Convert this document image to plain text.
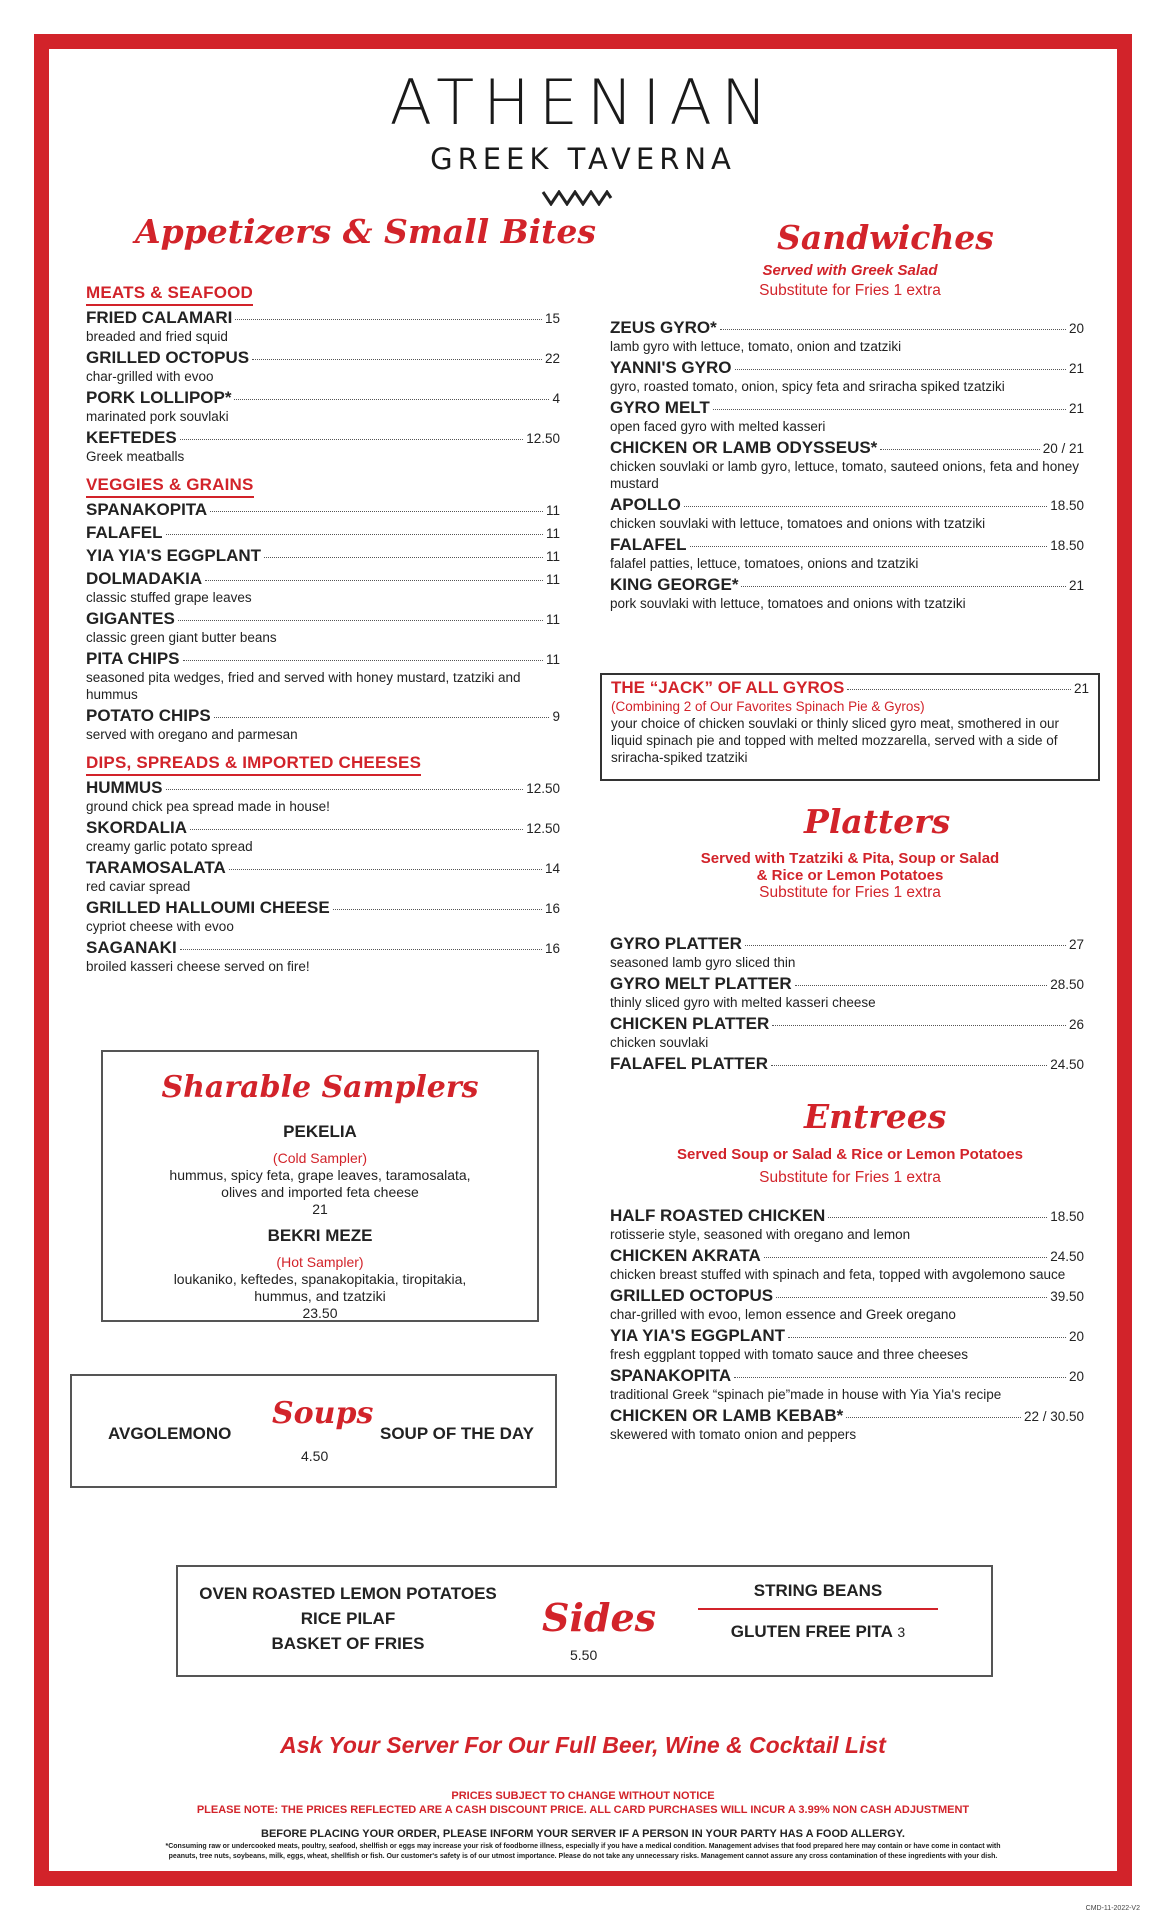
ATHENIAN
GREEK TAVERNA
Appetizers & Small Bites
MEATS & SEAFOOD
FRIED CALAMARI	15
breaded and fried squid
GRILLED OCTOPUS	22
char-grilled with evoo
PORK LOLLIPOP*	4
marinated pork souvlaki
KEFTEDES	12.50
Greek meatballs
VEGGIES & GRAINS
SPANAKOPITA	11
FALAFEL	11
YIA YIA'S EGGPLANT	11
DOLMADAKIA	11
classic stuffed grape leaves
GIGANTES	11
classic green giant butter beans
PITA CHIPS	11
seasoned pita wedges, fried and served with honey mustard, tzatziki and hummus
POTATO CHIPS	9
served with oregano and parmesan
DIPS, SPREADS & IMPORTED CHEESES
HUMMUS	12.50
ground chick pea spread made in house!
SKORDALIA	12.50
creamy garlic potato spread
TARAMOSALATA	14
red caviar spread
GRILLED HALLOUMI CHEESE	16
cypriot cheese with evoo
SAGANAKI	16
broiled kasseri cheese served on fire!
Sharable Samplers
PEKELIA
(Cold Sampler)
hummus, spicy feta, grape leaves, taramosalata, olives and imported feta cheese
21
BEKRI MEZE
(Hot Sampler)
loukaniko, keftedes, spanakopitakia, tiropitakia, hummus, and tzatziki
23.50
AVGOLEMONO
Soups
4.50
SOUP OF THE DAY
Sandwiches
Served with Greek Salad
Substitute for Fries 1 extra
ZEUS GYRO*	20
lamb gyro with lettuce, tomato, onion and tzatziki
YANNI'S GYRO	21
gyro, roasted tomato, onion, spicy feta and sriracha spiked tzatziki
GYRO MELT	21
open faced gyro with melted kasseri
CHICKEN OR LAMB ODYSSEUS*	20 / 21
chicken souvlaki or lamb gyro, lettuce, tomato, sauteed onions, feta and honey mustard
APOLLO	18.50
chicken souvlaki with lettuce, tomatoes and onions with tzatziki
FALAFEL	18.50
falafel patties, lettuce, tomatoes, onions and tzatziki
KING GEORGE*	21
pork souvlaki with lettuce, tomatoes and onions with tzatziki
THE “JACK” OF ALL GYROS	21
(Combining 2 of Our Favorites Spinach Pie & Gyros)
your choice of chicken souvlaki or thinly sliced gyro meat, smothered in our liquid spinach pie and topped with melted mozzarella, served with a side of sriracha-spiked tzatziki
Platters
Served with Tzatziki & Pita, Soup or Salad
& Rice or Lemon Potatoes
Substitute for Fries 1 extra
GYRO PLATTER	27
seasoned lamb gyro sliced thin
GYRO MELT PLATTER	28.50
thinly sliced gyro with melted kasseri cheese
CHICKEN PLATTER	26
chicken souvlaki
FALAFEL PLATTER	24.50
Entrees
Served Soup or Salad & Rice or Lemon Potatoes
Substitute for Fries 1 extra
HALF ROASTED CHICKEN	18.50
rotisserie style, seasoned with oregano and lemon
CHICKEN AKRATA	24.50
chicken breast stuffed with spinach and feta, topped with avgolemono sauce
GRILLED OCTOPUS	39.50
char-grilled with evoo, lemon essence and Greek oregano
YIA YIA'S EGGPLANT	20
fresh eggplant topped with tomato sauce and three cheeses
SPANAKOPITA	20
traditional Greek “spinach pie”made in house with Yia Yia's recipe
CHICKEN OR LAMB KEBAB*	22 / 30.50
skewered with tomato onion and peppers
OVEN ROASTED LEMON POTATOES
RICE PILAF
BASKET OF FRIES
Sides
5.50
STRING BEANS
GLUTEN FREE PITA 3
Ask Your Server For Our Full Beer, Wine & Cocktail List
PRICES SUBJECT TO CHANGE WITHOUT NOTICE
PLEASE NOTE: THE PRICES REFLECTED ARE A CASH DISCOUNT PRICE. ALL CARD PURCHASES WILL INCUR A 3.99% NON CASH ADJUSTMENT
BEFORE PLACING YOUR ORDER, PLEASE INFORM YOUR SERVER IF A PERSON IN YOUR PARTY HAS A FOOD ALLERGY.
*Consuming raw or undercooked meats, poultry, seafood, shellfish or eggs may increase your risk of foodborne illness, especially if you have a medical condition. Management advises that food prepared here may contain or have come in contact with
peanuts, tree nuts, soybeans, milk, eggs, wheat, shellfish or fish. Our customer's safety is of our utmost importance. Please do not take any unnecessary risks. Management cannot assure any cross contamination of these ingredients with your dish.
CMD-11-2022-V2
